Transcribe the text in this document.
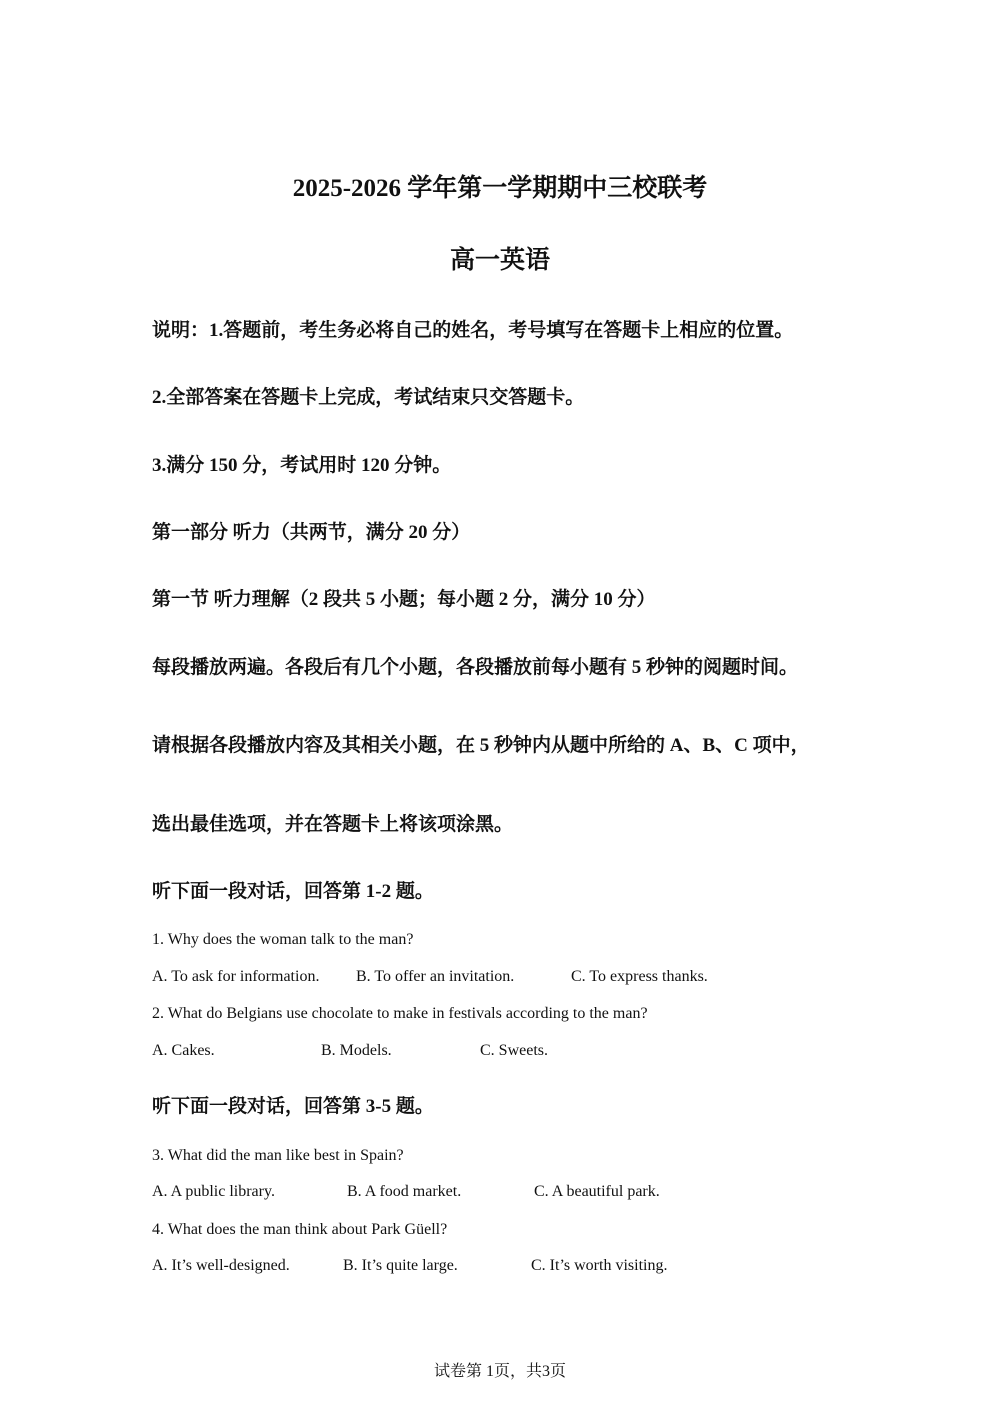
2025-2026 学年第一学期期中三校联考
高一英语
说明：1.答题前，考生务必将自己的姓名，考号填写在答题卡上相应的位置。
2.全部答案在答题卡上完成，考试结束只交答题卡。
3.满分 150 分，考试用时 120 分钟。
第一部分 听力（共两节，满分 20 分）
第一节 听力理解（2 段共 5 小题；每小题 2 分，满分 10 分）
每段播放两遍。各段后有几个小题，各段播放前每小题有 5 秒钟的阅题时间。
请根据各段播放内容及其相关小题，在 5 秒钟内从题中所给的 A、B、C 项中，
选出最佳选项，并在答题卡上将该项涂黑。
听下面一段对话，回答第 1-2 题。
1. Why does the woman talk to the man?
A. To ask for information. B. To offer an invitation.	C. To express thanks.
2. What do Belgians use chocolate to make in festivals according to the man?
A. Cakes.	B. Models.	C. Sweets.
听下面一段对话，回答第 3-5 题。
3. What did the man like best in Spain?
A. A public library.	B. A food market.	C. A beautiful park.
4. What does the man think about Park Güell?
A. It’s well-designed.	B. It’s quite large.	C. It’s worth visiting.
试卷第 1页，共3页
